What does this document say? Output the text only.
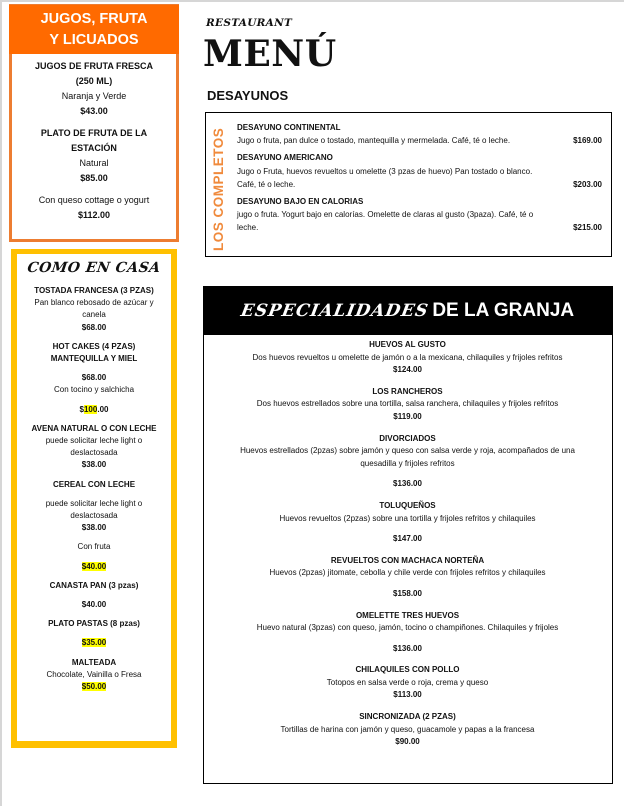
JUGOS, FRUTA
Y LICUADOS
JUGOS DE FRUTA FRESCA
(250 ML)
Naranja y Verde
$43.00
PLATO DE FRUTA DE LA
ESTACIÓN
Natural
$85.00
Con queso cottage o yogurt
$112.00
COMO EN CASA
TOSTADA FRANCESA (3 PZAS)
Pan blanco rebosado de azúcar y
canela
$68.00
HOT CAKES (4 PZAS)
MANTEQUILLA Y MIEL
$68.00
Con tocino y salchicha
$100.00
AVENA NATURAL O CON LECHE
puede solicitar leche light o
deslactosada
$38.00
CEREAL CON LECHE
puede solicitar leche light o
deslactosada
$38.00
Con fruta
$40.00
CANASTA PAN (3 pzas)
$40.00
PLATO PASTAS (8 pzas)
$35.00
MALTEADA
Chocolate, Vainilla o Fresa
$50.00
RESTAURANT
MENÚ
DESAYUNOS
LOS COMPLETOS
DESAYUNO CONTINENTAL
Jugo o fruta, pan dulce o tostado, mantequilla y mermelada. Café, té o leche.	$169.00
DESAYUNO AMERICANO
Jugo o Fruta, huevos revueltos u omelette (3 pzas de huevo) Pan tostado o blanco.
Café, té o leche.	$203.00
DESAYUNO BAJO EN CALORIAS
jugo o fruta. Yogurt bajo en calorías. Omelette de claras al gusto (3paza). Café, té o
leche.	$215.00
ESPECIALIDADES DE LA GRANJA
HUEVOS AL GUSTO
Dos huevos revueltos u omelette de jamón o a la mexicana, chilaquiles y frijoles refritos
$124.00
LOS RANCHEROS
Dos huevos estrellados sobre una tortilla, salsa ranchera, chilaquiles y frijoles refritos
$119.00
DIVORCIADOS
Huevos estrellados (2pzas) sobre jamón y queso con salsa verde y roja, acompañados de una
quesadilla y frijoles refritos
$136.00
TOLUQUEÑOS
Huevos revueltos (2pzas) sobre una tortilla y frijoles refritos y chilaquiles
$147.00
REVUELTOS CON MACHACA NORTEÑA
Huevos (2pzas) jitomate, cebolla y chile verde con frijoles refritos y chilaquiles
$158.00
OMELETTE TRES HUEVOS
Huevo natural (3pzas) con queso, jamón, tocino o champiñones. Chilaquiles y frijoles
$136.00
CHILAQUILES CON POLLO
Totopos en salsa verde o roja, crema y queso
$113.00
SINCRONIZADA (2 PZAS)
Tortillas de harina con jamón y queso, guacamole y papas a la francesa
$90.00
